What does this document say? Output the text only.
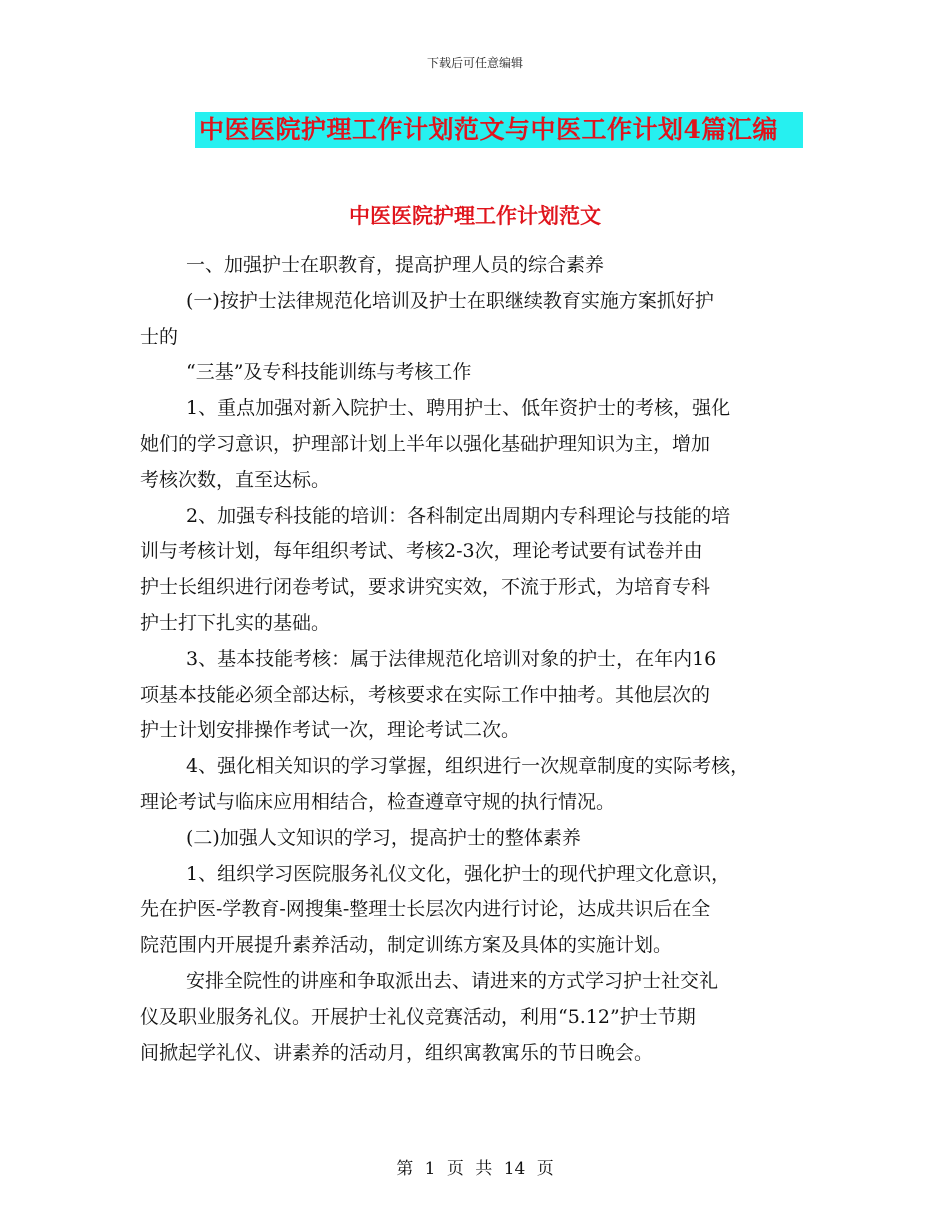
下载后可任意编辑
中医医院护理工作计划范文与中医工作计划4篇汇编
中医医院护理工作计划范文
一、加强护士在职教育，提高护理人员的综合素养
(一)按护士法律规范化培训及护士在职继续教育实施方案抓好护
士的
“三基”及专科技能训练与考核工作
1、重点加强对新入院护士、聘用护士、低年资护士的考核，强化
她们的学习意识，护理部计划上半年以强化基础护理知识为主，增加
考核次数，直至达标。
2、加强专科技能的培训：各科制定出周期内专科理论与技能的培
训与考核计划，每年组织考试、考核2-3次，理论考试要有试卷并由
护士长组织进行闭卷考试，要求讲究实效，不流于形式，为培育专科
护士打下扎实的基础。
3、基本技能考核：属于法律规范化培训对象的护士，在年内16
项基本技能必须全部达标，考核要求在实际工作中抽考。其他层次的
护士计划安排操作考试一次，理论考试二次。
4、强化相关知识的学习掌握，组织进行一次规章制度的实际考核，
理论考试与临床应用相结合，检查遵章守规的执行情况。
(二)加强人文知识的学习，提高护士的整体素养
1、组织学习医院服务礼仪文化，强化护士的现代护理文化意识，
先在护医-学教育-网搜集-整理士长层次内进行讨论，达成共识后在全
院范围内开展提升素养活动，制定训练方案及具体的实施计划。
安排全院性的讲座和争取派出去、请进来的方式学习护士社交礼
仪及职业服务礼仪。开展护士礼仪竞赛活动，利用“5.12”护士节期
间掀起学礼仪、讲素养的活动月，组织寓教寓乐的节日晚会。
第 1 页 共 14 页
